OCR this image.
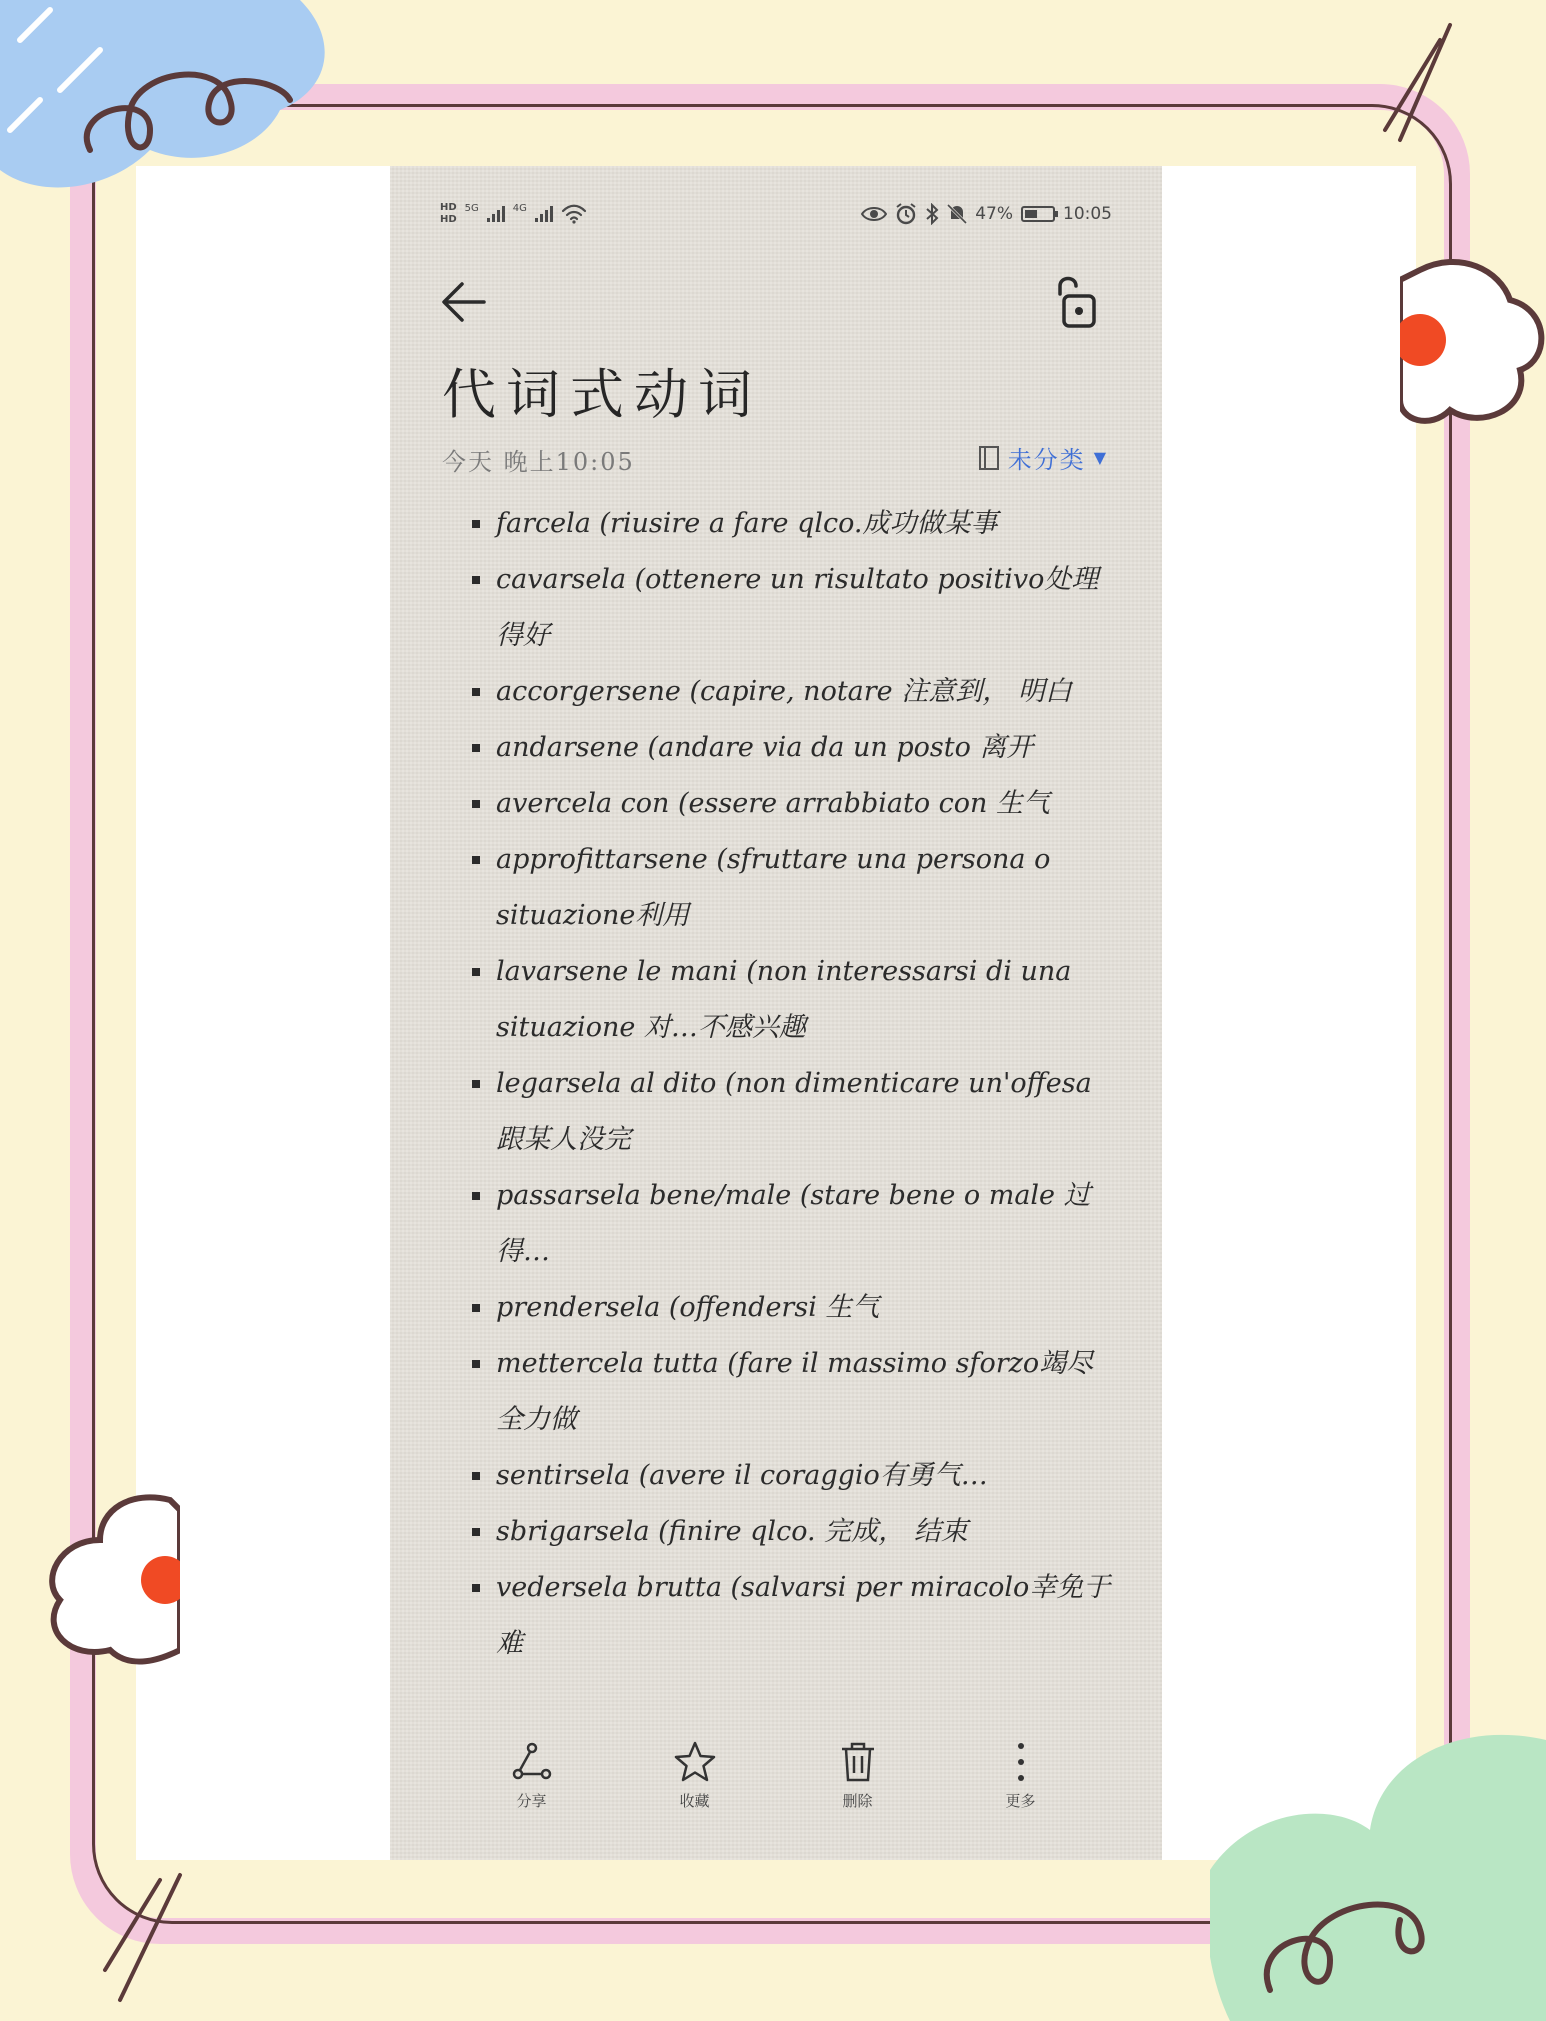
HD
HD
5G	4G	47%	10:05
代词式动词
今天 晚上10:05	未分类 ▼
farcela (riusire a fare qlco.成功做某事
cavarsela (ottenere un risultato positivo处理得好
accorgersene (capire, notare 注意到， 明白
andarsene (andare via da un posto 离开
avercela con (essere arrabbiato con 生气
approfittarsene (sfruttare una persona o situazione利用
lavarsene le mani (non interessarsi di una situazione 对…不感兴趣
legarsela al dito (non dimenticare un'offesa跟某人没完
passarsela bene/male (stare bene o male 过得…
prendersela (offendersi 生气
mettercela tutta (fare il massimo sforzo竭尽全力做
sentirsela (avere il coraggio有勇气…
sbrigarsela (finire qlco. 完成， 结束
vedersela brutta (salvarsi per miracolo幸免于难
分享	收藏	删除	更多
